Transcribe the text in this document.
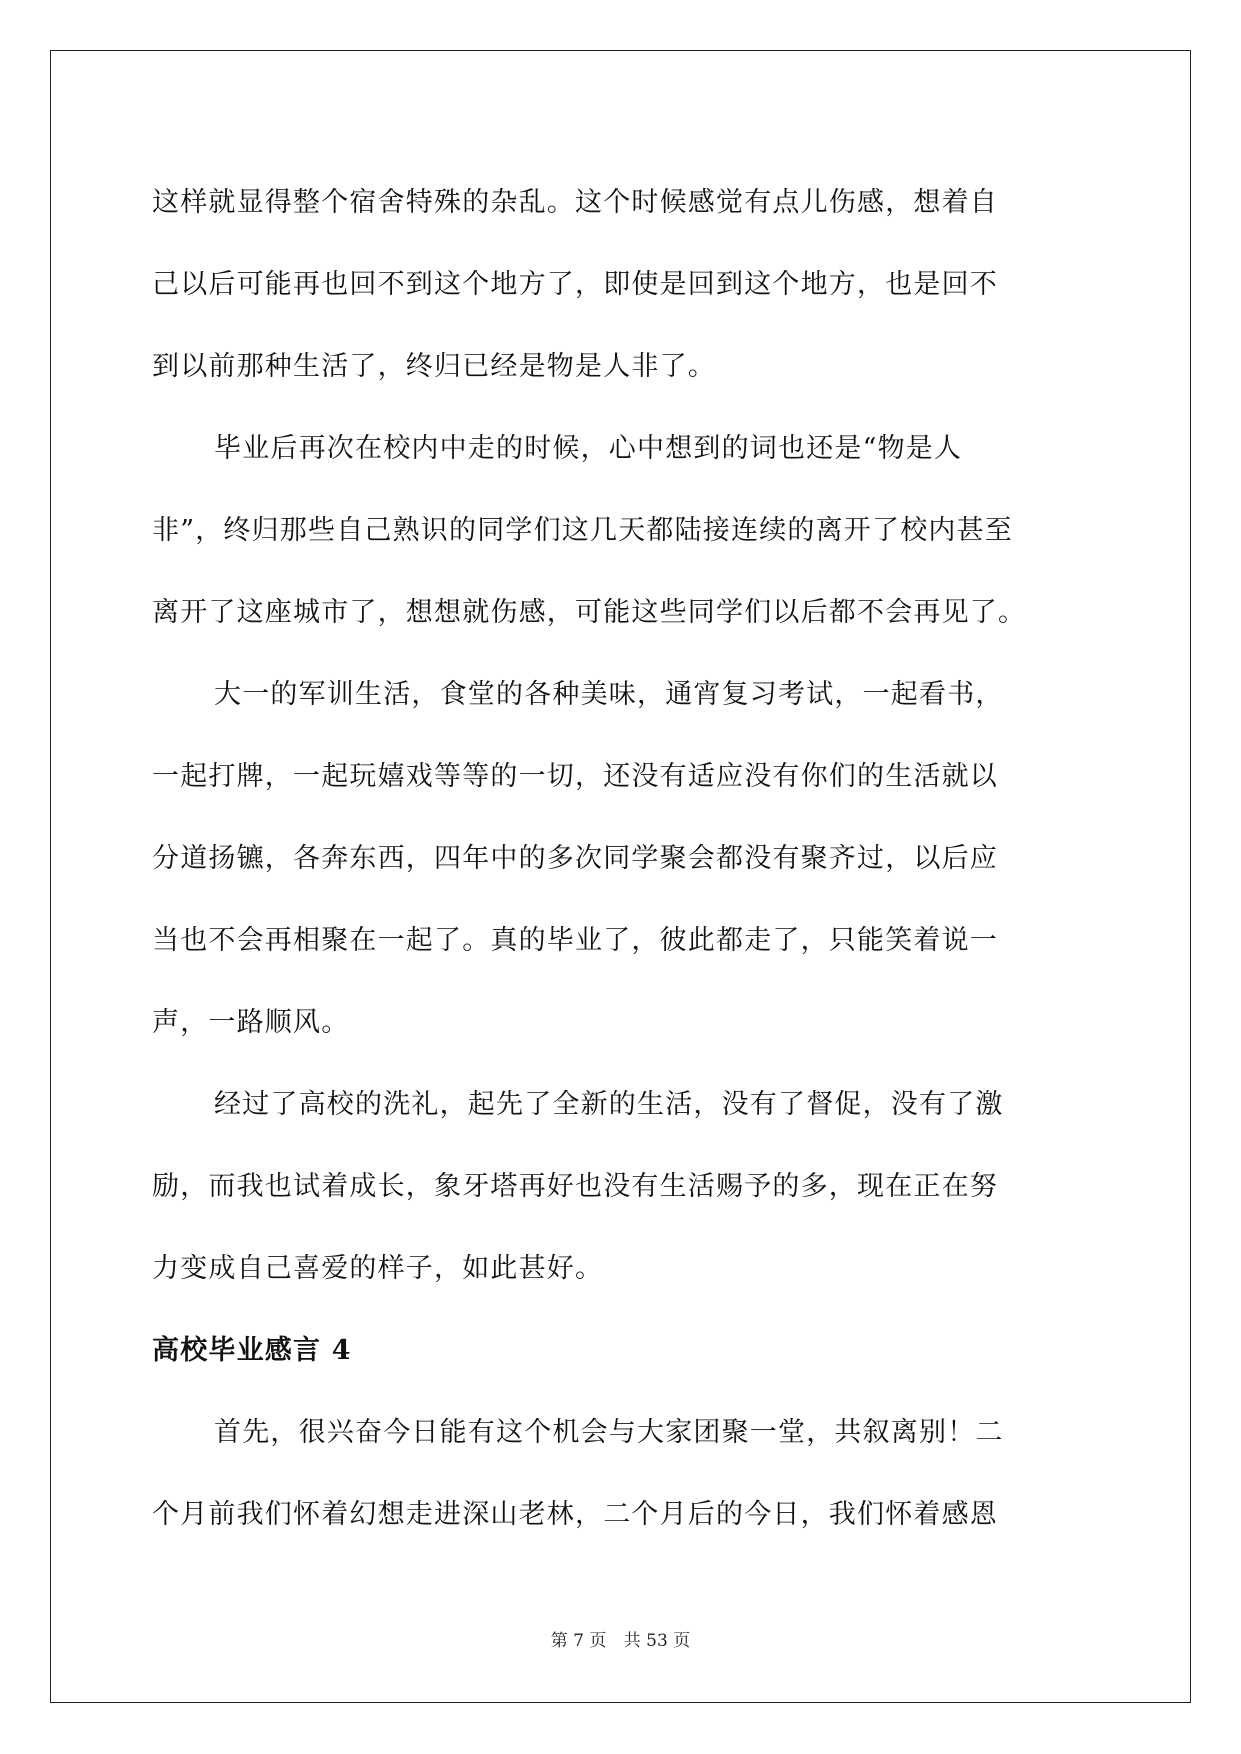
这样就显得整个宿舍特殊的杂乱。这个时候感觉有点儿伤感，想着自

己以后可能再也回不到这个地方了，即使是回到这个地方，也是回不

到以前那种生活了，终归已经是物是人非了。

毕业后再次在校内中走的时候，心中想到的词也还是“物是人

非”，终归那些自己熟识的同学们这几天都陆接连续的离开了校内甚至

离开了这座城市了，想想就伤感，可能这些同学们以后都不会再见了。

大一的军训生活，食堂的各种美味，通宵复习考试，一起看书，

一起打牌，一起玩嬉戏等等的一切，还没有适应没有你们的生活就以

分道扬镳，各奔东西，四年中的多次同学聚会都没有聚齐过，以后应

当也不会再相聚在一起了。真的毕业了，彼此都走了，只能笑着说一

声，一路顺风。

经过了高校的洗礼，起先了全新的生活，没有了督促，没有了激

励，而我也试着成长，象牙塔再好也没有生活赐予的多，现在正在努

力变成自己喜爱的样子，如此甚好。

高校毕业感言 4

首先，很兴奋今日能有这个机会与大家团聚一堂，共叙离别！二

个月前我们怀着幻想走进深山老林，二个月后的今日，我们怀着感恩

第 7 页 共 53 页
